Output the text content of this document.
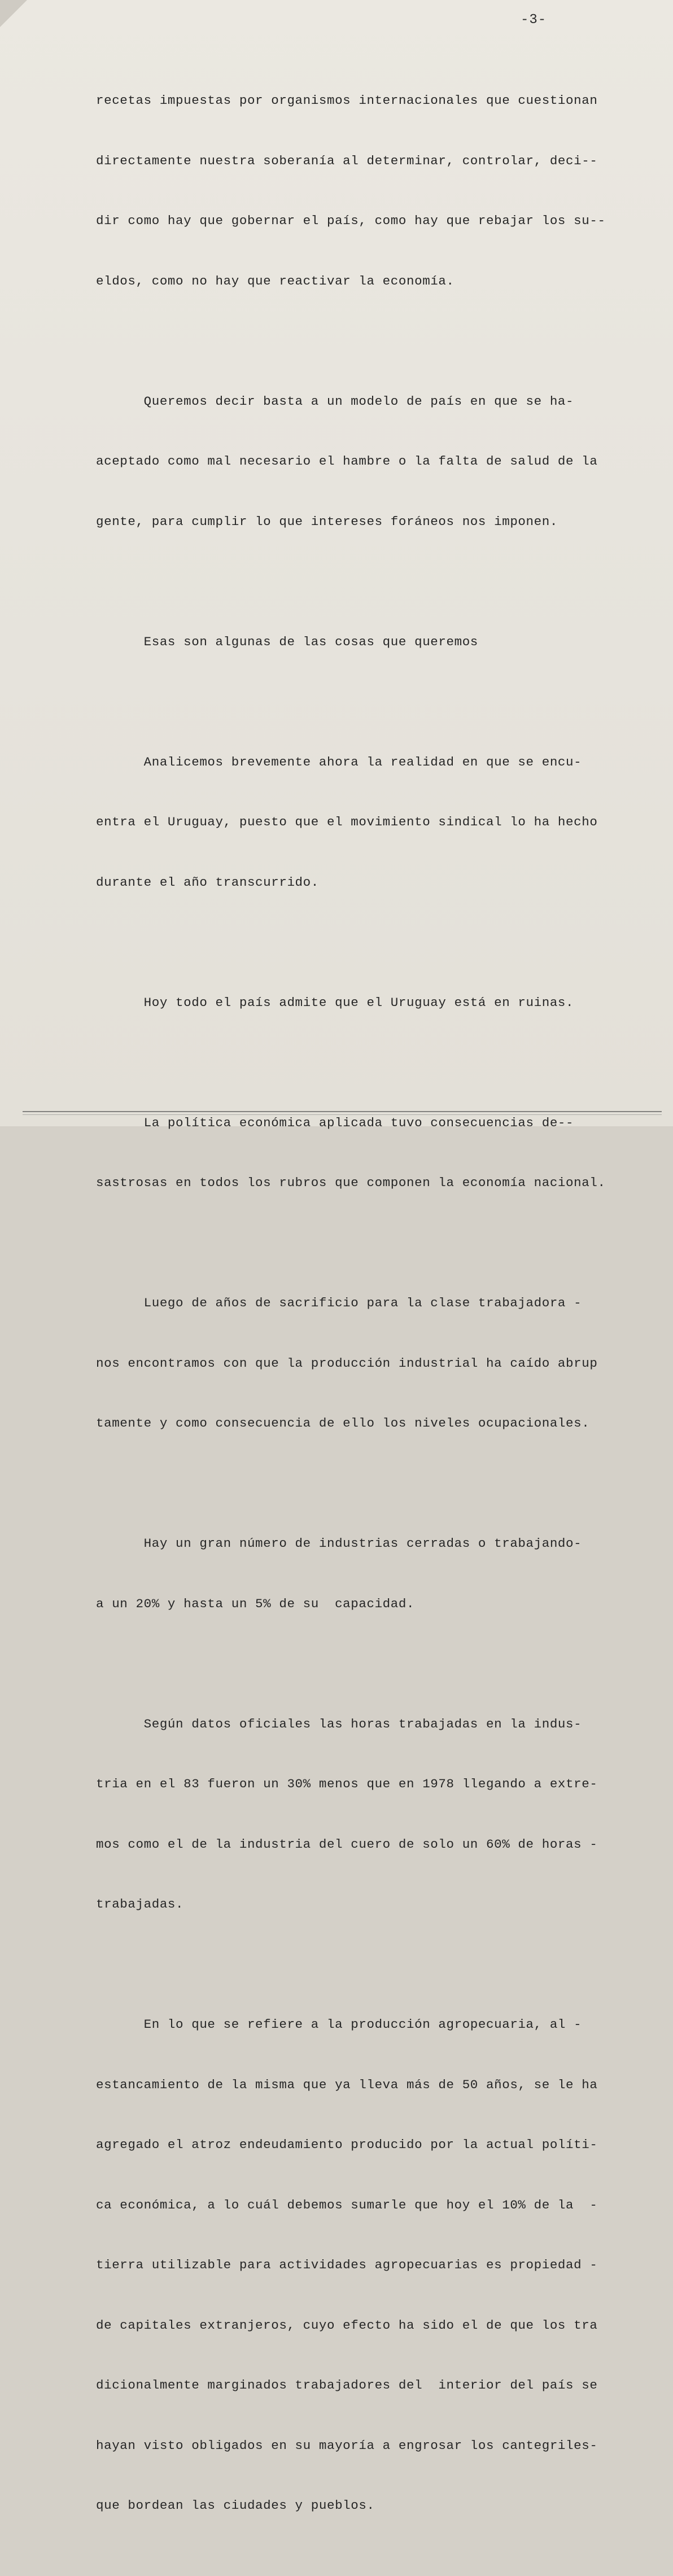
-3-

recetas impuestas por organismos internacionales que cuestionan

directamente nuestra soberanía al determinar, controlar, deci--

dir como hay que gobernar el país, como hay que rebajar los su--

eldos, como no hay que reactivar la economía.

Queremos decir basta a un modelo de país en que se ha-

aceptado como mal necesario el hambre o la falta de salud de la

gente, para cumplir lo que intereses foráneos nos imponen.

Esas son algunas de las cosas que queremos

Analicemos brevemente ahora la realidad en que se encu-

entra el Uruguay, puesto que el movimiento sindical lo ha hecho

durante el año transcurrido.

Hoy todo el país admite que el Uruguay está en ruinas.

La política económica aplicada tuvo consecuencias de--

sastrosas en todos los rubros que componen la economía nacional.

Luego de años de sacrificio para la clase trabajadora -

nos encontramos con que la producción industrial ha caído abrup

tamente y como consecuencia de ello los niveles ocupacionales.

Hay un gran número de industrias cerradas o trabajando-

a un 20% y hasta un 5% de su  capacidad.

Según datos oficiales las horas trabajadas en la indus-

tria en el 83 fueron un 30% menos que en 1978 llegando a extre-

mos como el de la industria del cuero de solo un 60% de horas -

trabajadas.

En lo que se refiere a la producción agropecuaria, al -

estancamiento de la misma que ya lleva más de 50 años, se le ha

agregado el atroz endeudamiento producido por la actual políti-

ca económica, a lo cuál debemos sumarle que hoy el 10% de la  -

tierra utilizable para actividades agropecuarias es propiedad -

de capitales extranjeros, cuyo efecto ha sido el de que los tra

dicionalmente marginados trabajadores del  interior del país se

hayan visto obligados en su mayoría a engrosar los cantegriles-

que bordean las ciudades y pueblos.
